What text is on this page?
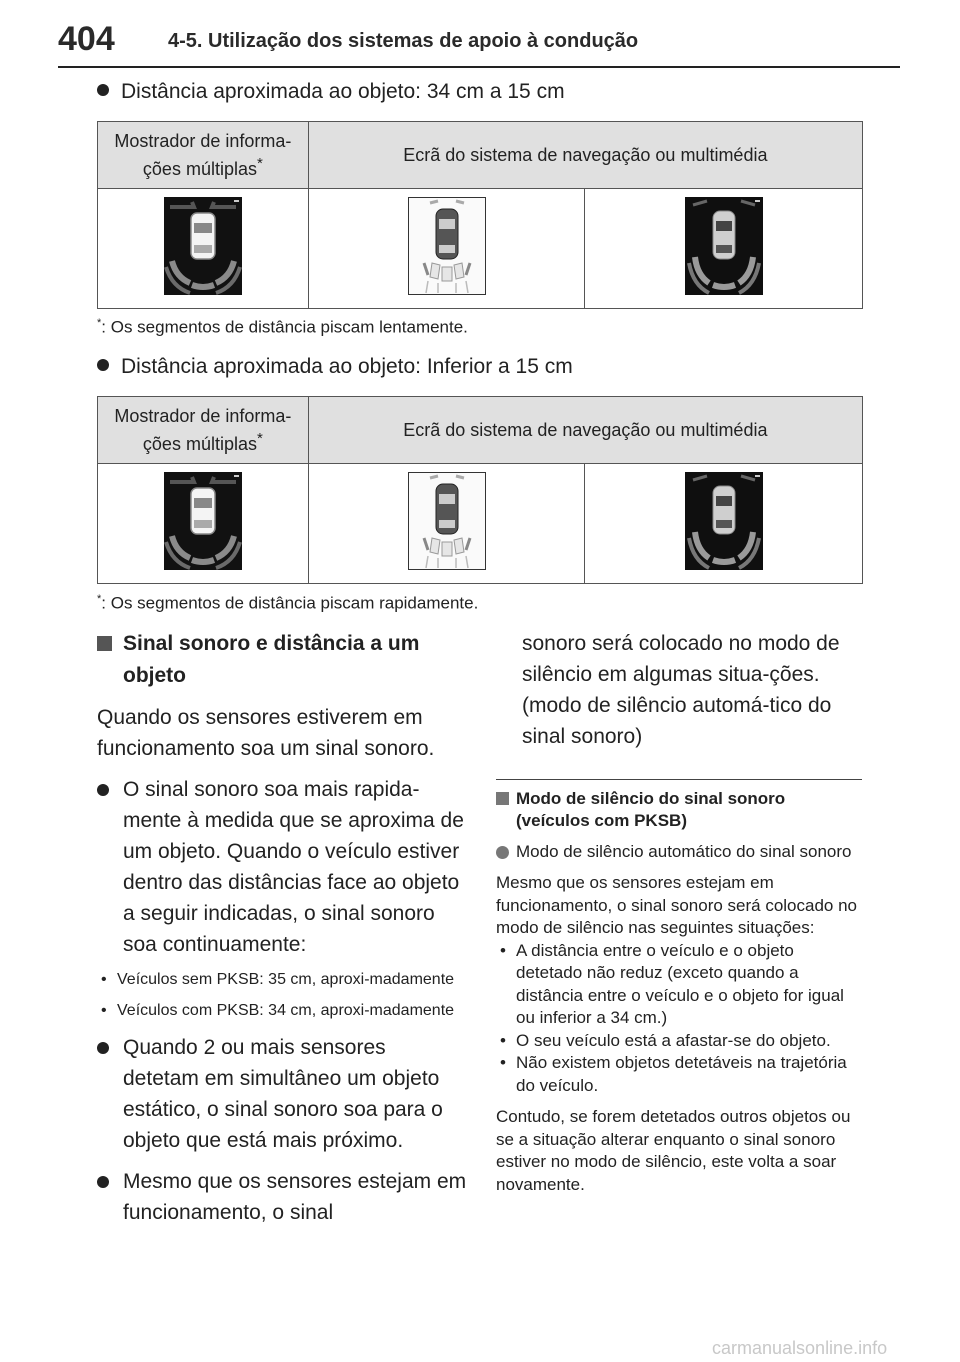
404	4-5. Utilização dos sistemas de apoio à condução
Distância aproximada ao objeto: 34 cm a 15 cm
Mostrador de informa-
ções múltiplas*	Ecrã do sistema de navegação ou multimédia	

*: Os segmentos de distância piscam lentamente.
Distância aproximada ao objeto: Inferior a 15 cm
Mostrador de informa-
ções múltiplas*	Ecrã do sistema de navegação ou multimédia	

*: Os segmentos de distância piscam rapidamente.
Sinal sonoro e distância a um objeto
Quando os sensores estiverem em funcionamento soa um sinal sonoro.
O sinal sonoro soa mais rapida-mente à medida que se aproxima de um objeto. Quando o veículo estiver dentro das distâncias face ao objeto a seguir indicadas, o sinal sonoro soa continuamente:
• Veículos sem PKSB: 35 cm, aproxi-madamente
• Veículos com PKSB: 34 cm, aproxi-madamente
Quando 2 ou mais sensores detetam em simultâneo um objeto estático, o sinal sonoro soa para o objeto que está mais próximo.
Mesmo que os sensores estejam em funcionamento, o sinal
sonoro será colocado no modo de silêncio em algumas situa-ções. (modo de silêncio automá-tico do sinal sonoro)
Modo de silêncio do sinal sonoro (veículos com PKSB)
Modo de silêncio automático do sinal sonoro
Mesmo que os sensores estejam em funcionamento, o sinal sonoro será colocado no modo de silêncio nas seguintes situações:
• A distância entre o veículo e o objeto detetado não reduz (exceto quando a distância entre o veículo e o objeto for igual ou inferior a 34 cm.)
• O seu veículo está a afastar-se do objeto.
• Não existem objetos detetáveis na trajetória do veículo.
Contudo, se forem detetados outros objetos ou se a situação alterar enquanto o sinal sonoro estiver no modo de silêncio, este volta a soar novamente.
carmanualsonline.info
